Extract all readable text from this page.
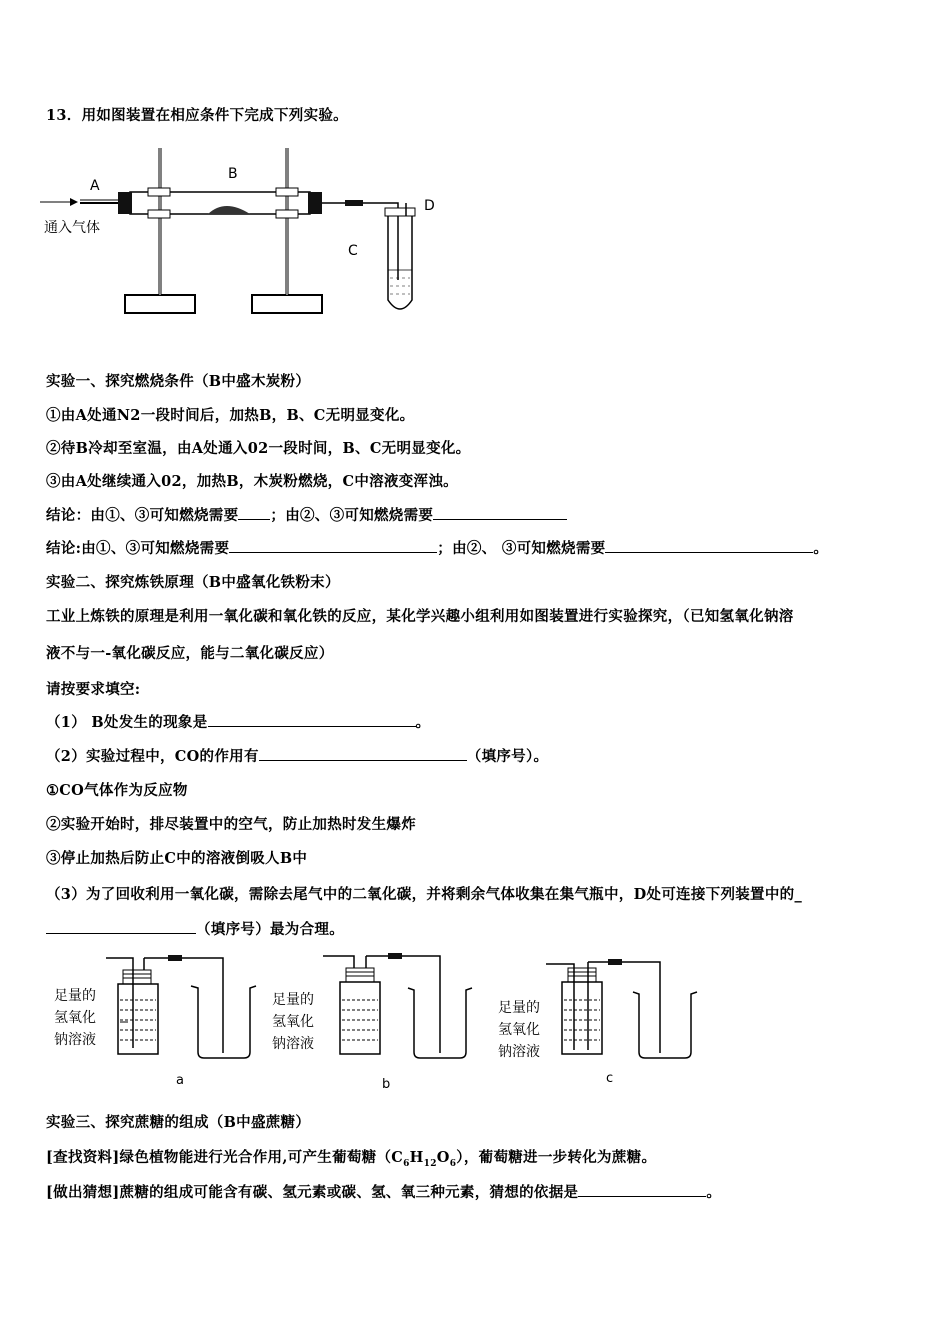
13．用如图装置在相应条件下完成下列实验。
A
B
C
D
通入气体
实验一、探究燃烧条件（B中盛木炭粉）
①由A处通N2一段时间后，加热B，B、C无明显变化。
②待B冷却至室温，由A处通入02一段时间，B、C无明显变化。
③由A处继续通入02，加热B，木炭粉燃烧，C中溶液变浑浊。
结论：由①、③可知燃烧需要 ；由②、③可知燃烧需要
结论:由①、③可知燃烧需要	；由②、 ③可知燃烧需要	。
实验二、探究炼铁原理（B中盛氧化铁粉末）
工业上炼铁的原理是利用一氧化碳和氧化铁的反应，某化学兴趣小组利用如图装置进行实验探究，（已知氢氧化钠溶
液不与一-氧化碳反应，能与二氧化碳反应）
请按要求填空:
（1） B处发生的现象是	。
（2）实验过程中，CO的作用有	（填序号）。
①CO气体作为反应物
②实验开始时，排尽装置中的空气，防止加热时发生爆炸
③停止加热后防止C中的溶液倒吸人B中
（3）为了回收利用一氧化碳，需除去尾气中的二氧化碳，并将剩余气体收集在集气瓶中，D处可连接下列装置中的_
（填序号）最为合理。
a
足量的
氢氧化
钠溶液
b
足量的
氢氧化
钠溶液
c
足量的
氢氧化
钠溶液
实验三、探究蔗糖的组成（B中盛蔗糖）
[查找资料]绿色植物能进行光合作用,可产生葡萄糖$(C_6H_{12}O_6)$，葡萄糖进一步转化为蔗糖。
[做出猜想]蔗糖的组成可能含有碳、氢元素或碳、氢、氧三种元素，猜想的依据是	。
